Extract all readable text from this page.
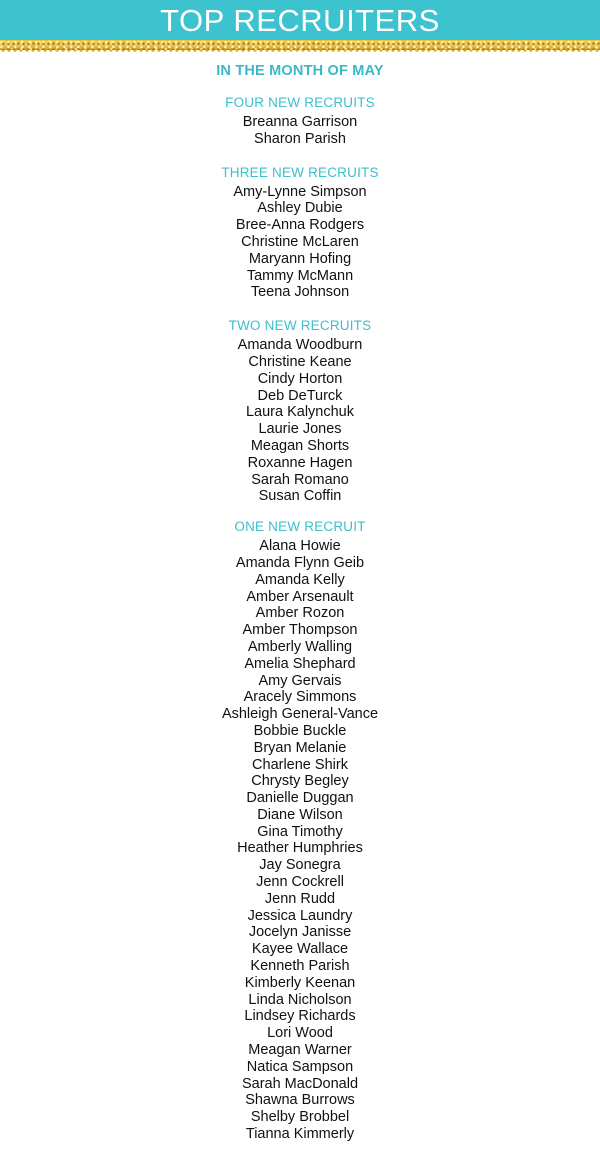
TOP RECRUITERS
IN THE MONTH OF MAY
FOUR NEW RECRUITS
Breanna Garrison
Sharon Parish
THREE NEW RECRUITS
Amy-Lynne Simpson
Ashley Dubie
Bree-Anna Rodgers
Christine McLaren
Maryann Hofing
Tammy McMann
Teena Johnson
TWO NEW RECRUITS
Amanda Woodburn
Christine Keane
Cindy Horton
Deb DeTurck
Laura Kalynchuk
Laurie Jones
Meagan Shorts
Roxanne Hagen
Sarah Romano
Susan Coffin
ONE NEW RECRUIT
Alana Howie
Amanda Flynn Geib
Amanda Kelly
Amber Arsenault
Amber Rozon
Amber Thompson
Amberly Walling
Amelia Shephard
Amy Gervais
Aracely Simmons
Ashleigh General-Vance
Bobbie Buckle
Bryan Melanie
Charlene Shirk
Chrysty Begley
Danielle Duggan
Diane Wilson
Gina Timothy
Heather Humphries
Jay Sonegra
Jenn Cockrell
Jenn Rudd
Jessica Laundry
Jocelyn Janisse
Kayee Wallace
Kenneth Parish
Kimberly Keenan
Linda Nicholson
Lindsey Richards
Lori Wood
Meagan Warner
Natica Sampson
Sarah MacDonald
Shawna Burrows
Shelby Brobbel
Tianna Kimmerly
